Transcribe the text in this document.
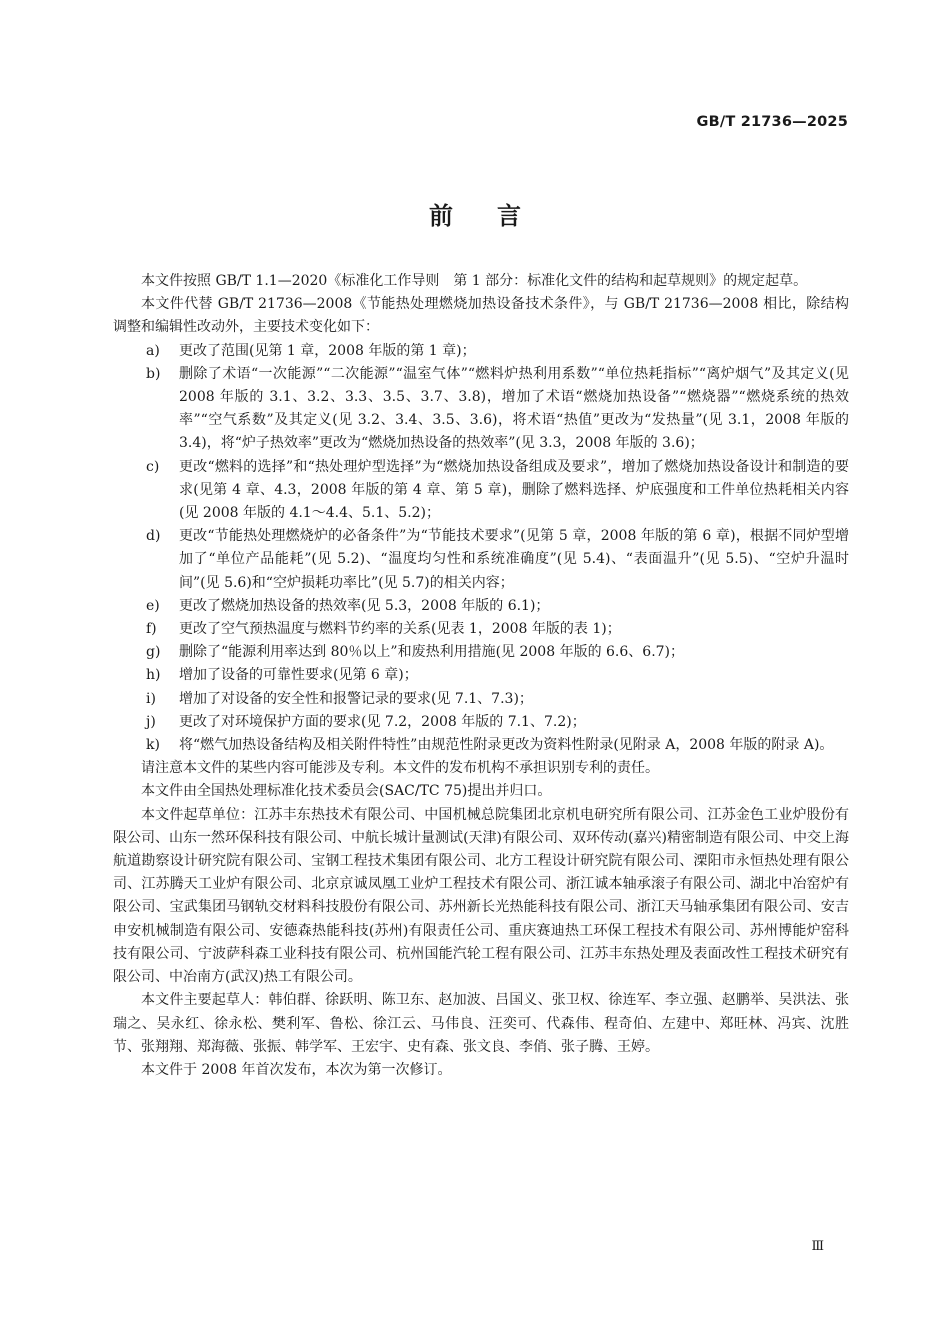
GB/T 21736—2025
前言

本文件按照 GB/T 1.1—2020《标准化工作导则　第 1 部分：标准化文件的结构和起草规则》的规定起草。

本文件代替 GB/T 21736—2008《节能热处理燃烧加热设备技术条件》，与 GB/T 21736—2008 相比，除结构调整和编辑性改动外，主要技术变化如下：

a) 更改了范围(见第 1 章，2008 年版的第 1 章)；
b) 删除了术语“一次能源”“二次能源”“温室气体”“燃料炉热利用系数”“单位热耗指标”“离炉烟气”及其定义(见 2008 年版的 3.1、3.2、3.3、3.5、3.7、3.8)，增加了术语“燃烧加热设备”“燃烧器”“燃烧系统的热效率”“空气系数”及其定义(见 3.2、3.4、3.5、3.6)，将术语“热值”更改为“发热量”(见 3.1，2008 年版的 3.4)，将“炉子热效率”更改为“燃烧加热设备的热效率”(见 3.3，2008 年版的 3.6)；
c) 更改“燃料的选择”和“热处理炉型选择”为“燃烧加热设备组成及要求”，增加了燃烧加热设备设计和制造的要求(见第 4 章、4.3，2008 年版的第 4 章、第 5 章)，删除了燃料选择、炉底强度和工件单位热耗相关内容(见 2008 年版的 4.1～4.4、5.1、5.2)；
d) 更改“节能热处理燃烧炉的必备条件”为“节能技术要求”(见第 5 章，2008 年版的第 6 章)，根据不同炉型增加了“单位产品能耗”(见 5.2)、“温度均匀性和系统准确度”(见 5.4)、“表面温升”(见 5.5)、“空炉升温时间”(见 5.6)和“空炉损耗功率比”(见 5.7)的相关内容；
e) 更改了燃烧加热设备的热效率(见 5.3，2008 年版的 6.1)；
f) 更改了空气预热温度与燃料节约率的关系(见表 1，2008 年版的表 1)；
g) 删除了“能源利用率达到 80％以上”和废热利用措施(见 2008 年版的 6.6、6.7)；
h) 增加了设备的可靠性要求(见第 6 章)；
i) 增加了对设备的安全性和报警记录的要求(见 7.1、7.3)；
j) 更改了对环境保护方面的要求(见 7.2，2008 年版的 7.1、7.2)；
k) 将“燃气加热设备结构及相关附件特性”由规范性附录更改为资料性附录(见附录 A，2008 年版的附录 A)。

请注意本文件的某些内容可能涉及专利。本文件的发布机构不承担识别专利的责任。

本文件由全国热处理标准化技术委员会(SAC/TC 75)提出并归口。

本文件起草单位：江苏丰东热技术有限公司、中国机械总院集团北京机电研究所有限公司、江苏金色工业炉股份有限公司、山东一然环保科技有限公司、中航长城计量测试(天津)有限公司、双环传动(嘉兴)精密制造有限公司、中交上海航道勘察设计研究院有限公司、宝钢工程技术集团有限公司、北方工程设计研究院有限公司、溧阳市永恒热处理有限公司、江苏腾天工业炉有限公司、北京京诚凤凰工业炉工程技术有限公司、浙江诚本轴承滚子有限公司、湖北中冶窑炉有限公司、宝武集团马钢轨交材料科技股份有限公司、苏州新长光热能科技有限公司、浙江天马轴承集团有限公司、安吉申安机械制造有限公司、安德森热能科技(苏州)有限责任公司、重庆赛迪热工环保工程技术有限公司、苏州博能炉窑科技有限公司、宁波萨科森工业科技有限公司、杭州国能汽轮工程有限公司、江苏丰东热处理及表面改性工程技术研究有限公司、中冶南方(武汉)热工有限公司。

本文件主要起草人：韩伯群、徐跃明、陈卫东、赵加波、吕国义、张卫权、徐连军、李立强、赵鹏举、吴洪法、张瑞之、吴永红、徐永松、樊利军、鲁松、徐江云、马伟良、汪奕可、代森伟、程奇伯、左建中、郑旺林、冯宾、沈胜节、张翔翔、郑海薇、张振、韩学军、王宏宇、史有森、张文良、李俏、张子腾、王婷。

本文件于 2008 年首次发布，本次为第一次修订。

Ⅲ
